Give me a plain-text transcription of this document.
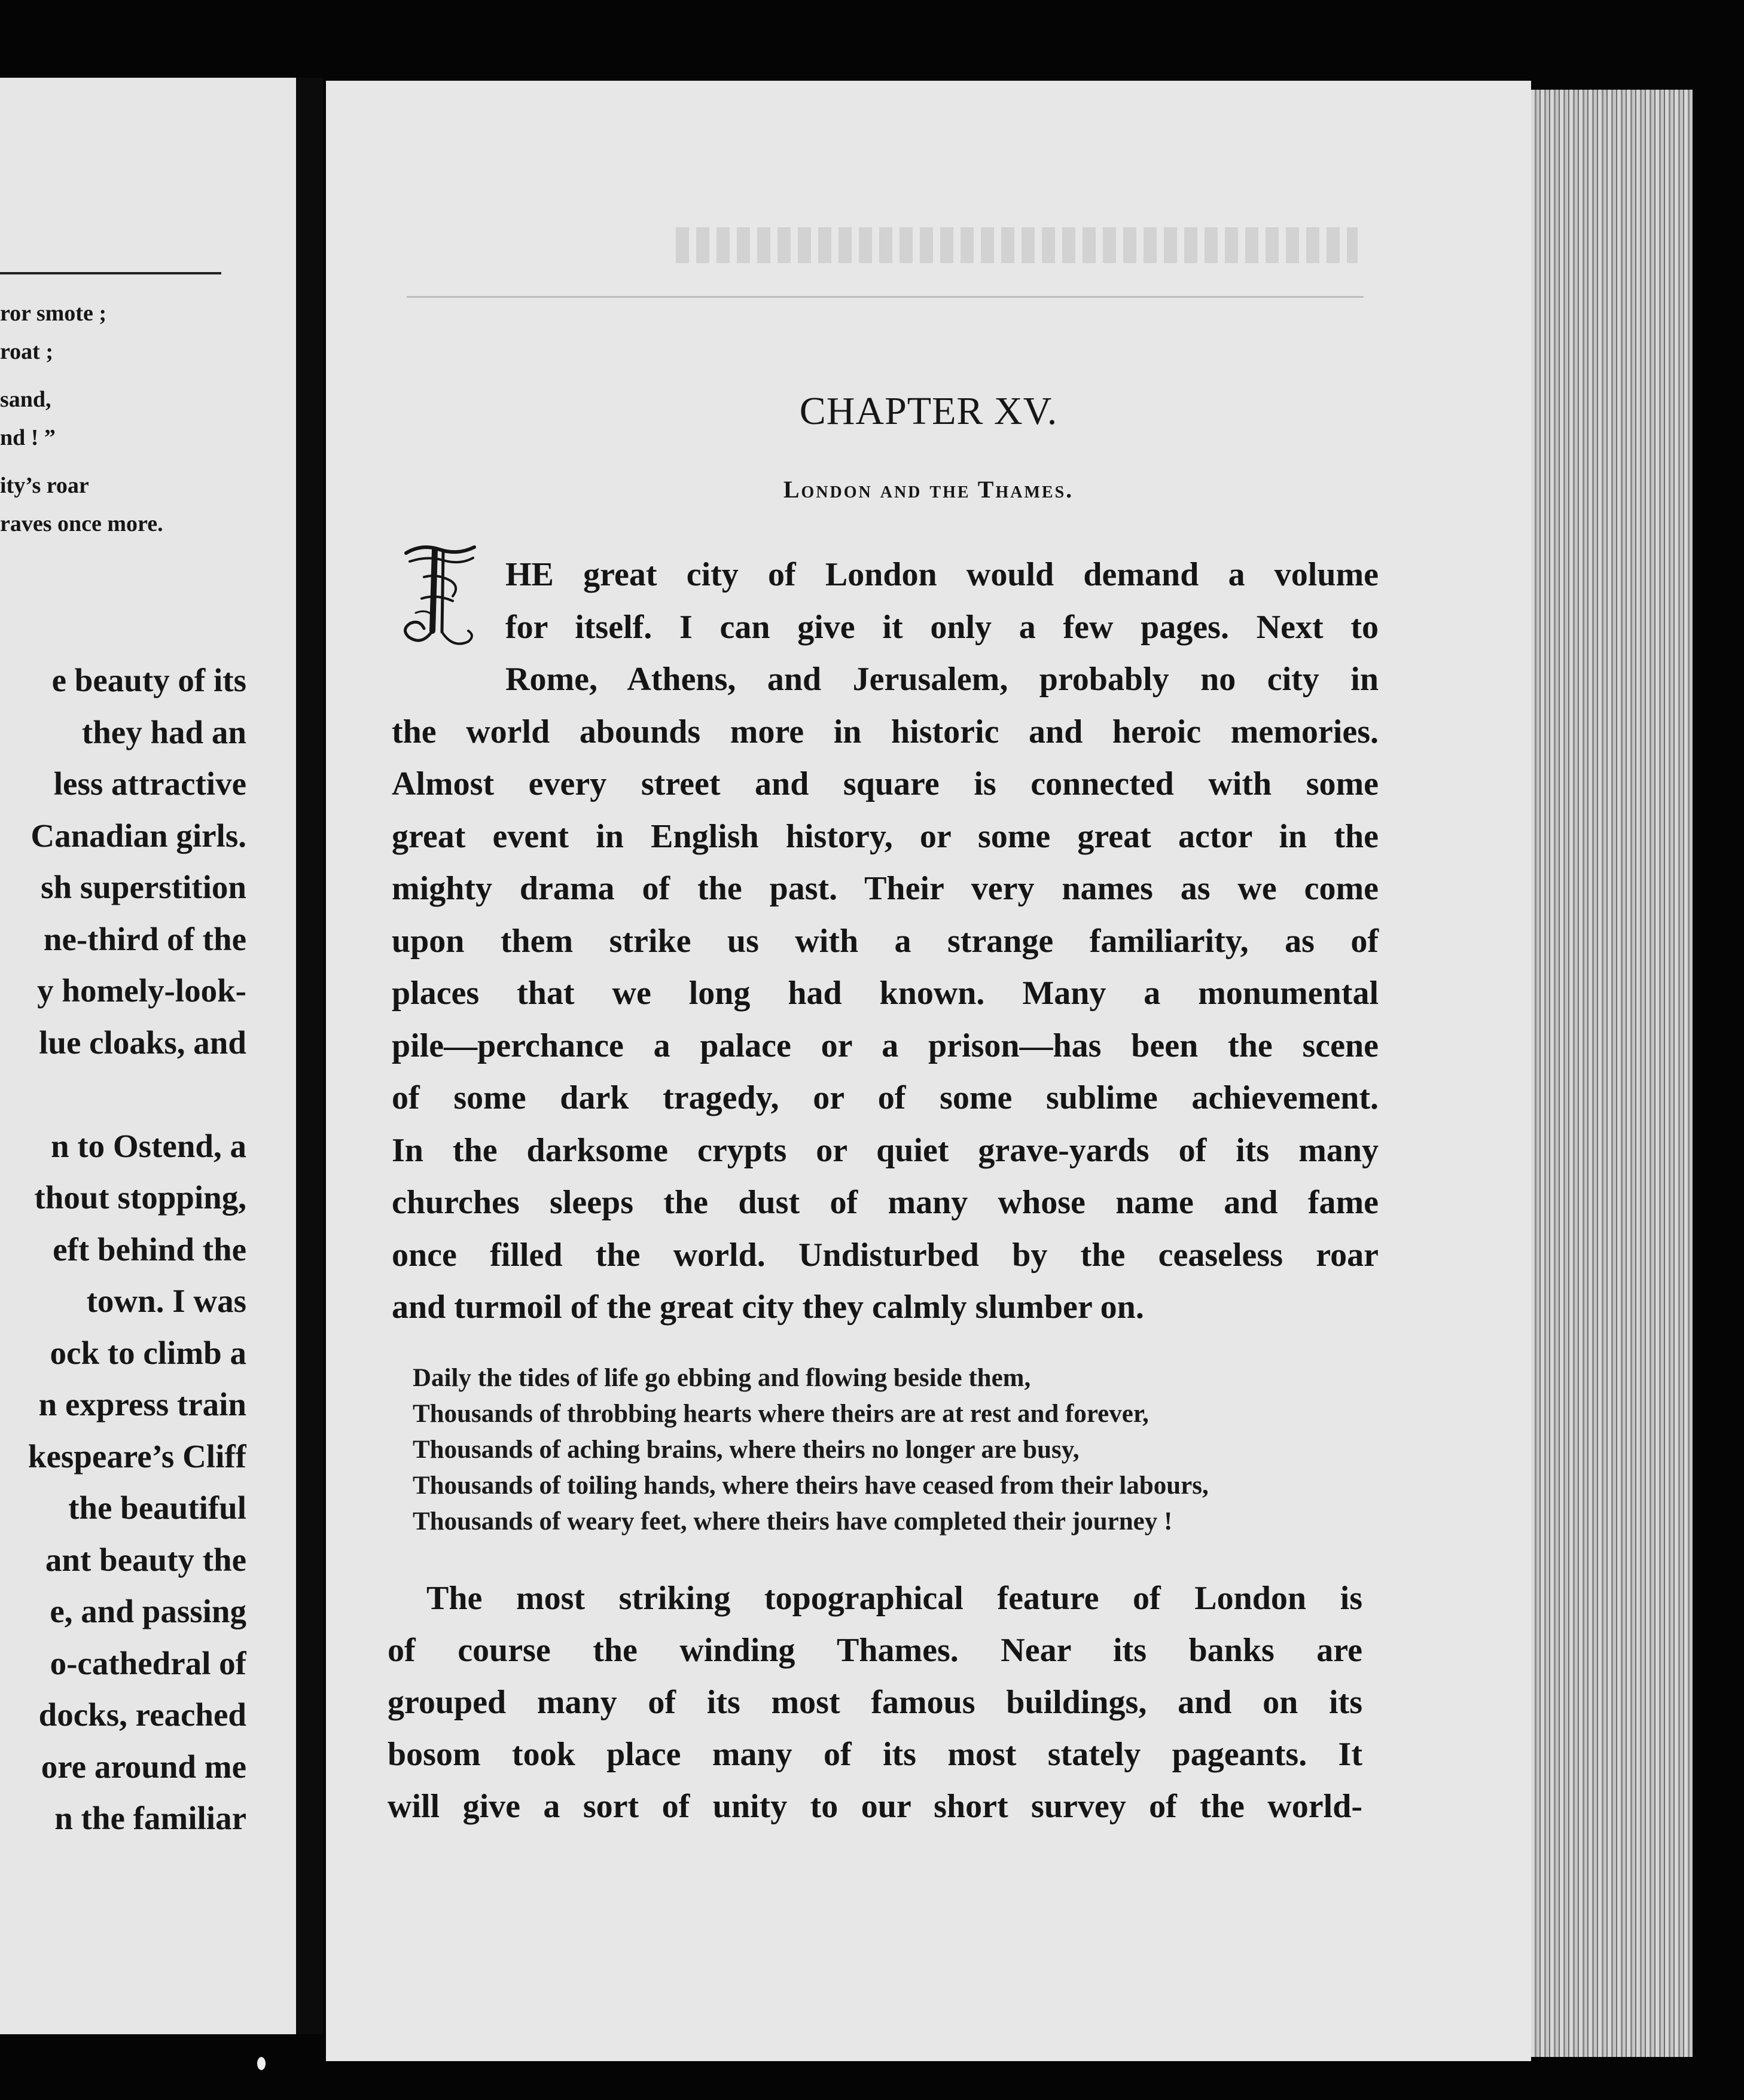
ror smote ;
roat ;
sand,
nd ! ”
ity’s roar
raves once more.
e beauty of its
they had an
less attractive
Canadian girls.
sh superstition
ne-third of the
y homely-look-
lue cloaks, and
n to Ostend, a
thout stopping,
eft behind the
town. I was
ock to climb a
n express train
kespeare’s Cliff
the beautiful
ant beauty the
e, and passing
o-cathedral of
docks, reached
ore around me
n the familiar
CHAPTER XV.
London and the Thames.
HE great city of London would demand a volume
for itself. I can give it only a few pages. Next to
Rome, Athens, and Jerusalem, probably no city in
the world abounds more in historic and heroic memories.
Almost every street and square is connected with some
great event in English history, or some great actor in the
mighty drama of the past. Their very names as we come
upon them strike us with a strange familiarity, as of
places that we long had known. Many a monumental
pile—perchance a palace or a prison—has been the scene
of some dark tragedy, or of some sublime achievement.
In the darksome crypts or quiet grave-yards of its many
churches sleeps the dust of many whose name and fame
once filled the world. Undisturbed by the ceaseless roar
and turmoil of the great city they calmly slumber on.
Daily the tides of life go ebbing and flowing beside them,
Thousands of throbbing hearts where theirs are at rest and forever,
Thousands of aching brains, where theirs no longer are busy,
Thousands of toiling hands, where theirs have ceased from their labours,
Thousands of weary feet, where theirs have completed their journey !
The most striking topographical feature of London is
of course the winding Thames. Near its banks are
grouped many of its most famous buildings, and on its
bosom took place many of its most stately pageants. It
will give a sort of unity to our short survey of the world-
